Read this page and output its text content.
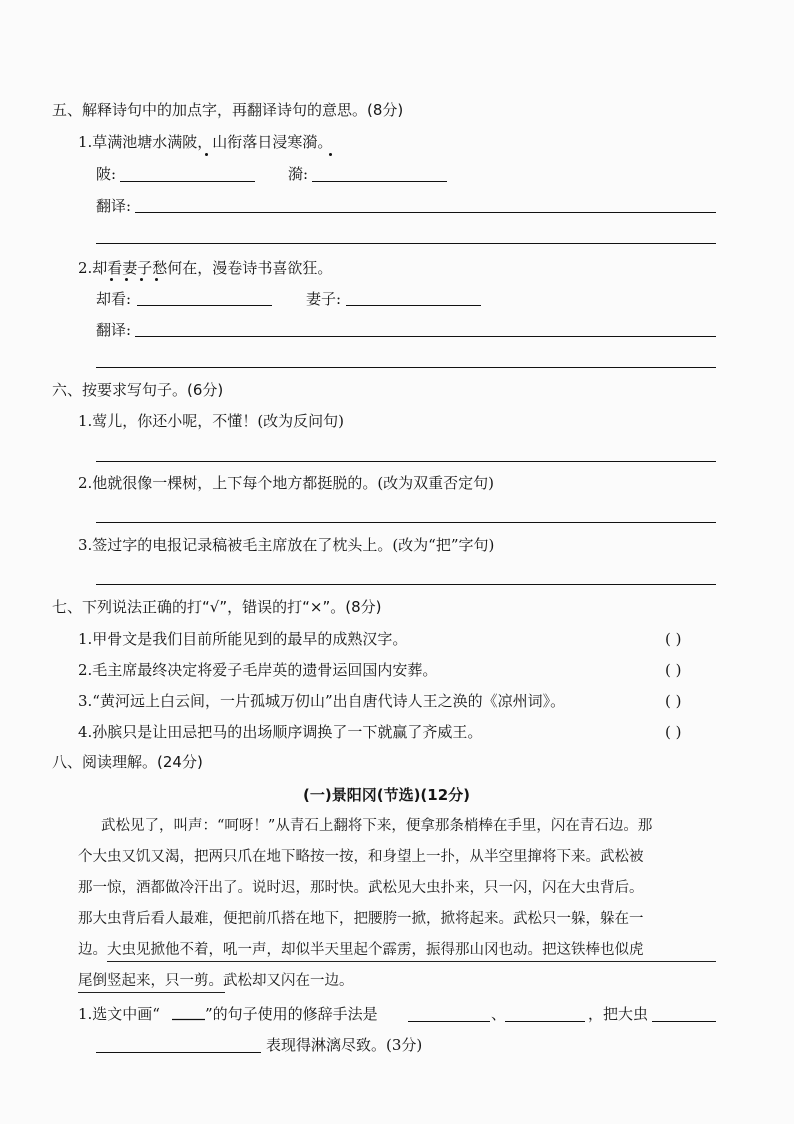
五、解释诗句中的加点字，再翻译诗句的意思。(8分)
1.草满池塘水满陂，山衔落日浸寒漪。
陂:	漪:
翻译:
2.却看妻子愁何在，漫卷诗书喜欲狂。
却看:	妻子:
翻译:
六、按要求写句子。(6分)
1.莺儿，你还小呢，不懂！(改为反问句)
2.他就很像一棵树，上下每个地方都挺脱的。(改为双重否定句)
3.签过字的电报记录稿被毛主席放在了枕头上。(改为“把”字句)
七、下列说法正确的打“√”，错误的打“×”。(8分)
1.甲骨文是我们目前所能见到的最早的成熟汉字。	( )
2.毛主席最终决定将爱子毛岸英的遗骨运回国内安葬。	( )
3.“黄河远上白云间，一片孤城万仞山”出自唐代诗人王之涣的《凉州词》。	( )
4.孙膑只是让田忌把马的出场顺序调换了一下就赢了齐威王。	( )
八、阅读理解。(24分)
(一)景阳冈(节选)(12分)
武松见了，叫声：“呵呀！”从青石上翻将下来，便拿那条梢棒在手里，闪在青石边。那
个大虫又饥又渴，把两只爪在地下略按一按，和身望上一扑，从半空里撺将下来。武松被
那一惊，酒都做冷汗出了。说时迟，那时快。武松见大虫扑来，只一闪，闪在大虫背后。
那大虫背后看人最难，便把前爪搭在地下，把腰胯一掀，掀将起来。武松只一躲，躲在一
边。大虫见掀他不着，吼一声，却似半天里起个霹雳，振得那山冈也动。把这铁棒也似虎
尾倒竖起来，只一剪。武松却又闪在一边。
1.选文中画“	”的句子使用的修辞手法是	、	，把大虫
表现得淋漓尽致。(3分)
